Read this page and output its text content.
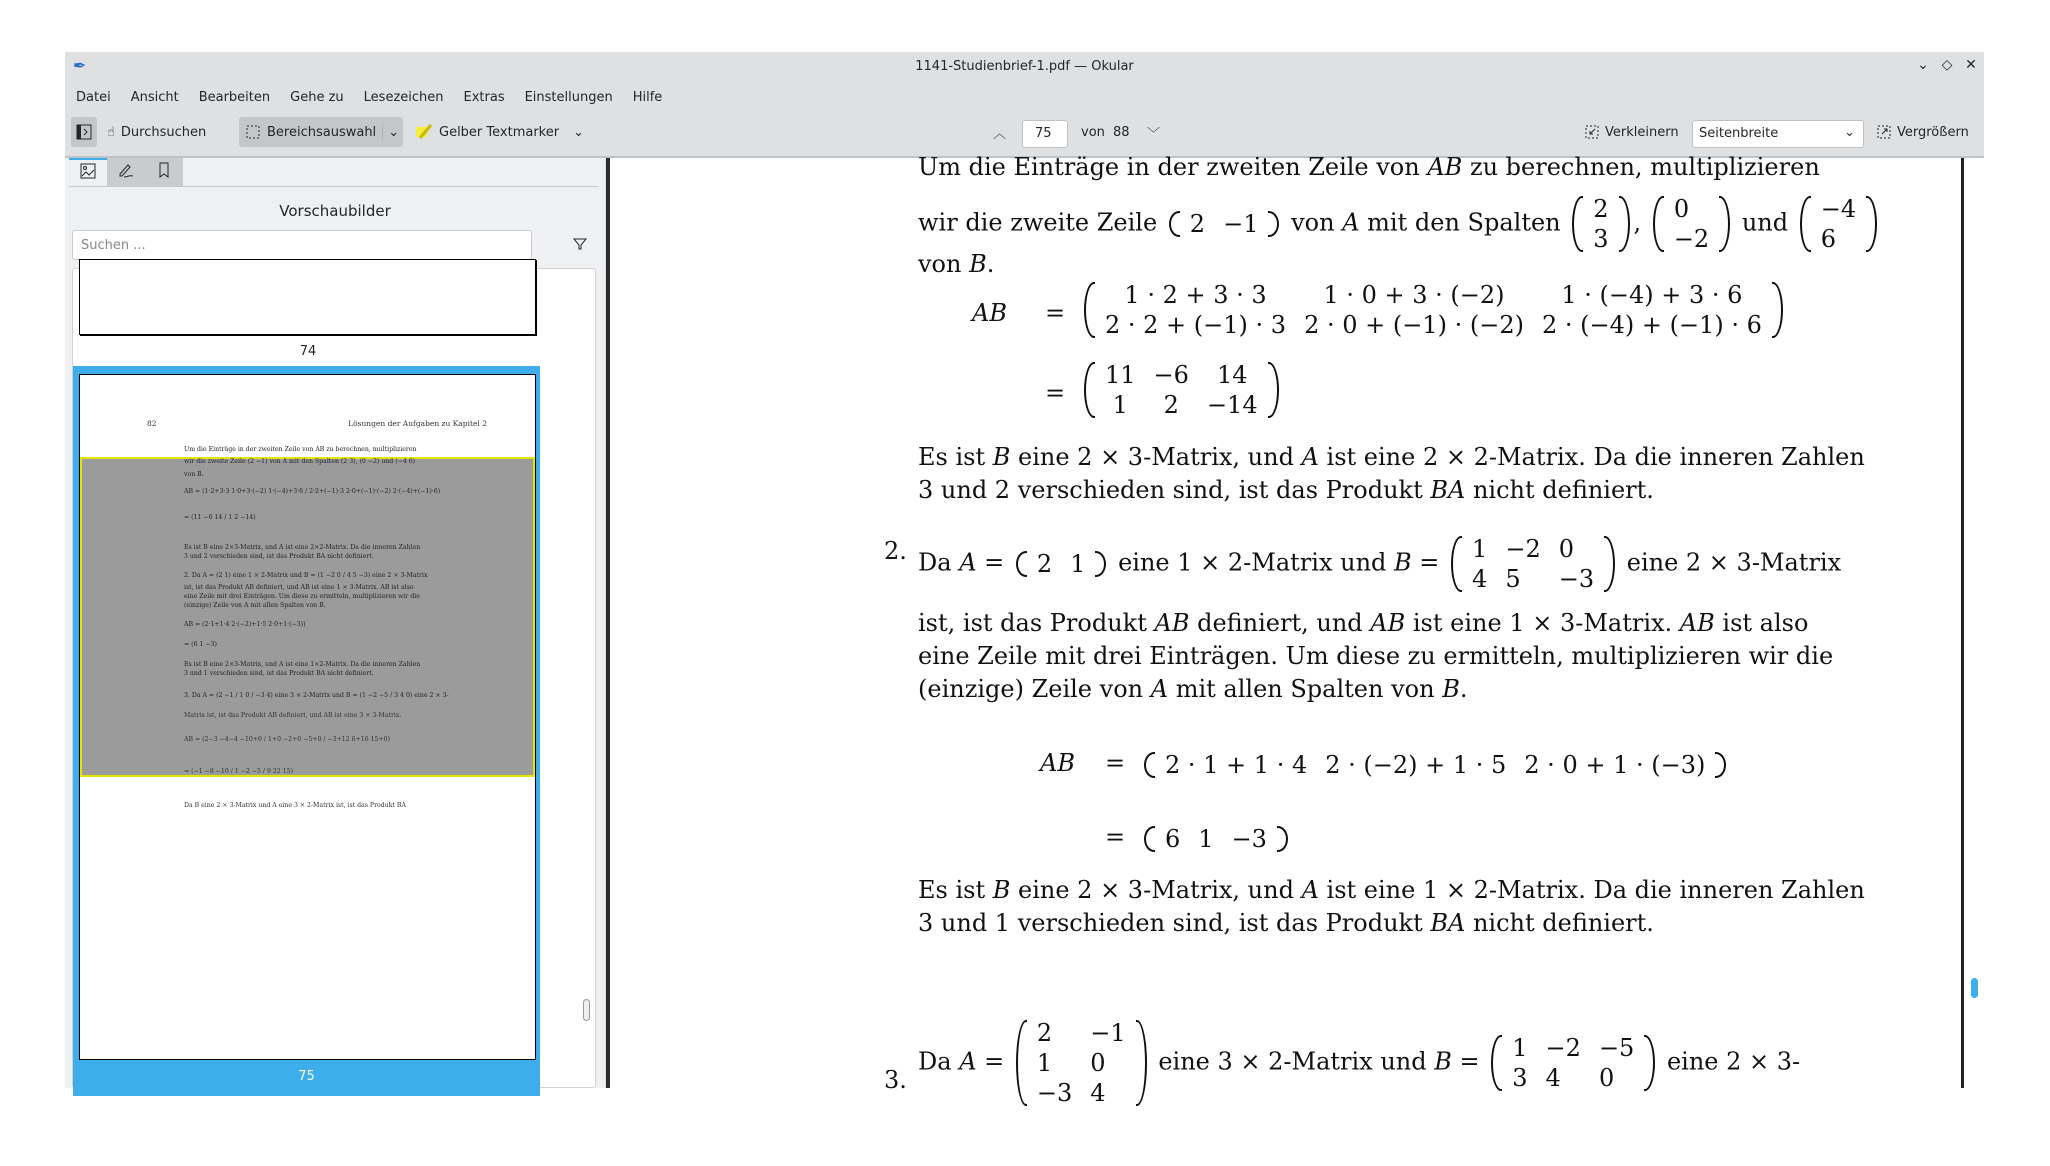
✒	1141-Studienbrief-1.pdf — Okular	⌄ ◇ ✕
Datei	Ansicht	Bearbeiten	Gehe zu	Lesezeichen	Extras	Einstellungen	Hilfe
☝ Durchsuchen	Bereichsauswahl ⌄	Gelber Textmarker ⌄	︿	75	von 88	﹀	Verkleinern	Seitenbreite	⌄	Vergrößern
Vorschaubilder
Suchen ...
74
82	Lösungen der Aufgaben zu Kapitel 2
Um die Einträge in der zweiten Zeile von AB zu berechnen, multiplizieren
wir die zweite Zeile (2 −1) von A mit den Spalten (2 3), (0 −2) und (−4 6)
von B.
AB = (1·2+3·3 1·0+3·(−2) 1·(−4)+3·6 / 2·2+(−1)·3 2·0+(−1)·(−2) 2·(−4)+(−1)·6)
= (11 −6 14 / 1 2 −14)
Es ist B eine 2×3-Matrix, und A ist eine 2×2-Matrix. Da die inneren Zahlen
3 und 2 verschieden sind, ist das Produkt BA nicht definiert.
2. Da A = (2 1) eine 1 × 2-Matrix und B = (1 −2 0 / 4 5 −3) eine 2 × 3-Matrix
ist, ist das Produkt AB definiert, und AB ist eine 1 × 3-Matrix. AB ist also
eine Zeile mit drei Einträgen. Um diese zu ermitteln, multiplizieren wir die
(einzige) Zeile von A mit allen Spalten von B.
AB = (2·1+1·4 2·(−2)+1·5 2·0+1·(−3))
= (6 1 −3)
Es ist B eine 2×3-Matrix, und A ist eine 1×2-Matrix. Da die inneren Zahlen
3 und 1 verschieden sind, ist das Produkt BA nicht definiert.
3. Da A = (2 −1 / 1 0 / −3 4) eine 3 × 2-Matrix und B = (1 −2 −5 / 3 4 0) eine 2 × 3-
Matrix ist, ist das Produkt AB definiert, und AB ist eine 3 × 3-Matrix.
AB = (2−3 −4−4 −10+0 / 1+0 −2+0 −5+0 / −3+12 6+16 15+0)
= (−1 −8 −10 / 1 −2 −5 / 9 22 15)
Da B eine 2 × 3-Matrix und A eine 3 × 2-Matrix ist, ist das Produkt BA
75
Um die Einträge in der zweiten Zeile von AB zu berechnen, multiplizieren
wir die zweite Zeile 2	−1 von A mit den Spalten 2
3
, 0
−2
und −4
6
von B.
AB =
1 · 2 + 3 · 3	1 · 0 + 3 · (−2)	1 · (−4) + 3 · 6
2 · 2 + (−1) · 3	2 · 0 + (−1) · (−2)	2 · (−4) + (−1) · 6
=
11	−6	14
1	2	−14
Es ist B eine 2 × 3-Matrix, und A ist eine 2 × 2-Matrix. Da die inneren Zahlen
3 und 2 verschieden sind, ist das Produkt BA nicht definiert.
2. Da A = 2	1 eine 1 × 2-Matrix und B = 1	−2	0
4	5	−3
eine 2 × 3-Matrix
ist, ist das Produkt AB definiert, und AB ist eine 1 × 3-Matrix. AB ist also
eine Zeile mit drei Einträgen. Um diese zu ermitteln, multiplizieren wir die
(einzige) Zeile von A mit allen Spalten von B.
AB = 2 · 1 + 1 · 4	2 · (−2) + 1 · 5	2 · 0 + 1 · (−3)
= 6	1	−3
Es ist B eine 2 × 3-Matrix, und A ist eine 1 × 2-Matrix. Da die inneren Zahlen
3 und 1 verschieden sind, ist das Produkt BA nicht definiert.
3.
Da A =
2	−1
1	0
−3	4
eine 3 × 2-Matrix und B = 1	−2	−5
3	4	0
eine 2 × 3-
